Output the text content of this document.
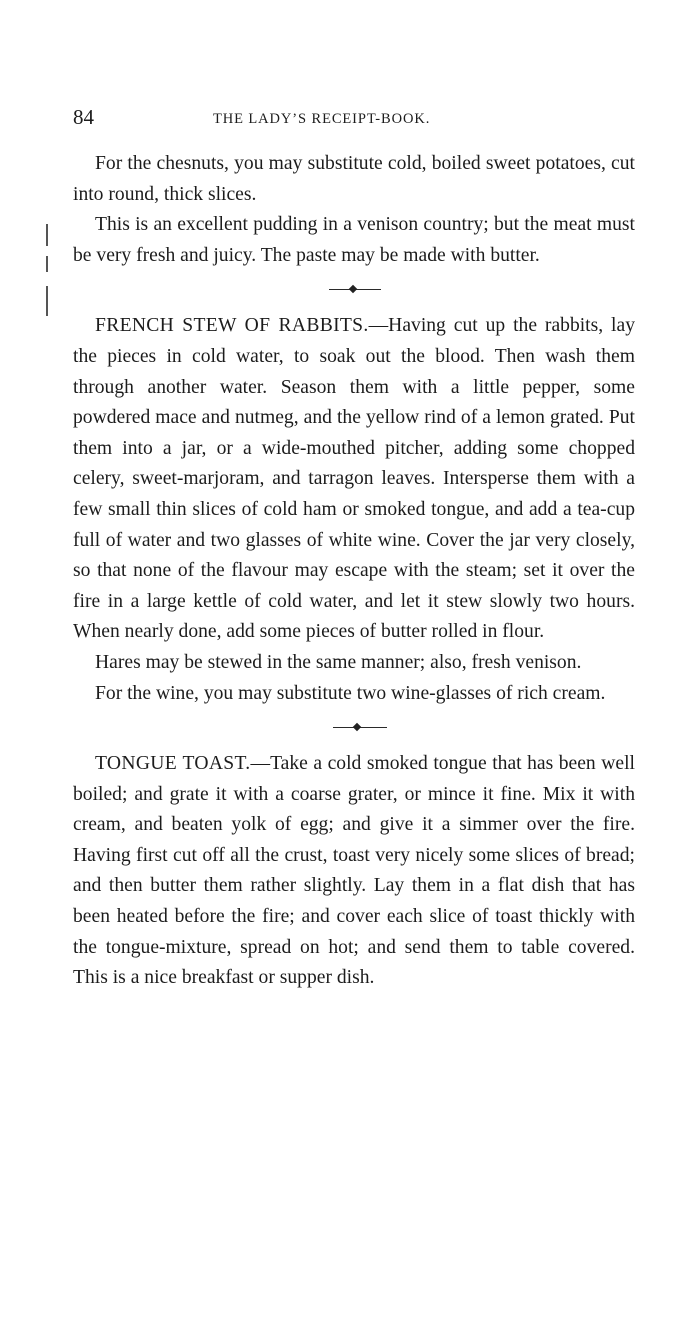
84	THE LADY’S RECEIPT-BOOK.

For the chesnuts, you may substitute cold, boiled sweet potatoes, cut into round, thick slices.

This is an excellent pudding in a venison country; but the meat must be very fresh and juicy. The paste may be made with butter.

FRENCH STEW OF RABBITS.—Having cut up the rabbits, lay the pieces in cold water, to soak out the blood. Then wash them through another water. Season them with a little pepper, some powdered mace and nutmeg, and the yellow rind of a lemon grated. Put them into a jar, or a wide-mouthed pitcher, adding some chopped celery, sweet-marjoram, and tarragon leaves. Intersperse them with a few small thin slices of cold ham or smoked tongue, and add a tea-cup full of water and two glasses of white wine. Cover the jar very closely, so that none of the flavour may escape with the steam; set it over the fire in a large kettle of cold water, and let it stew slowly two hours. When nearly done, add some pieces of butter rolled in flour.

Hares may be stewed in the same manner; also, fresh venison.

For the wine, you may substitute two wine-glasses of rich cream.

TONGUE TOAST.—Take a cold smoked tongue that has been well boiled; and grate it with a coarse grater, or mince it fine. Mix it with cream, and beaten yolk of egg; and give it a simmer over the fire. Having first cut off all the crust, toast very nicely some slices of bread; and then butter them rather slightly. Lay them in a flat dish that has been heated before the fire; and cover each slice of toast thickly with the tongue-mixture, spread on hot; and send them to table covered. This is a nice breakfast or supper dish.
